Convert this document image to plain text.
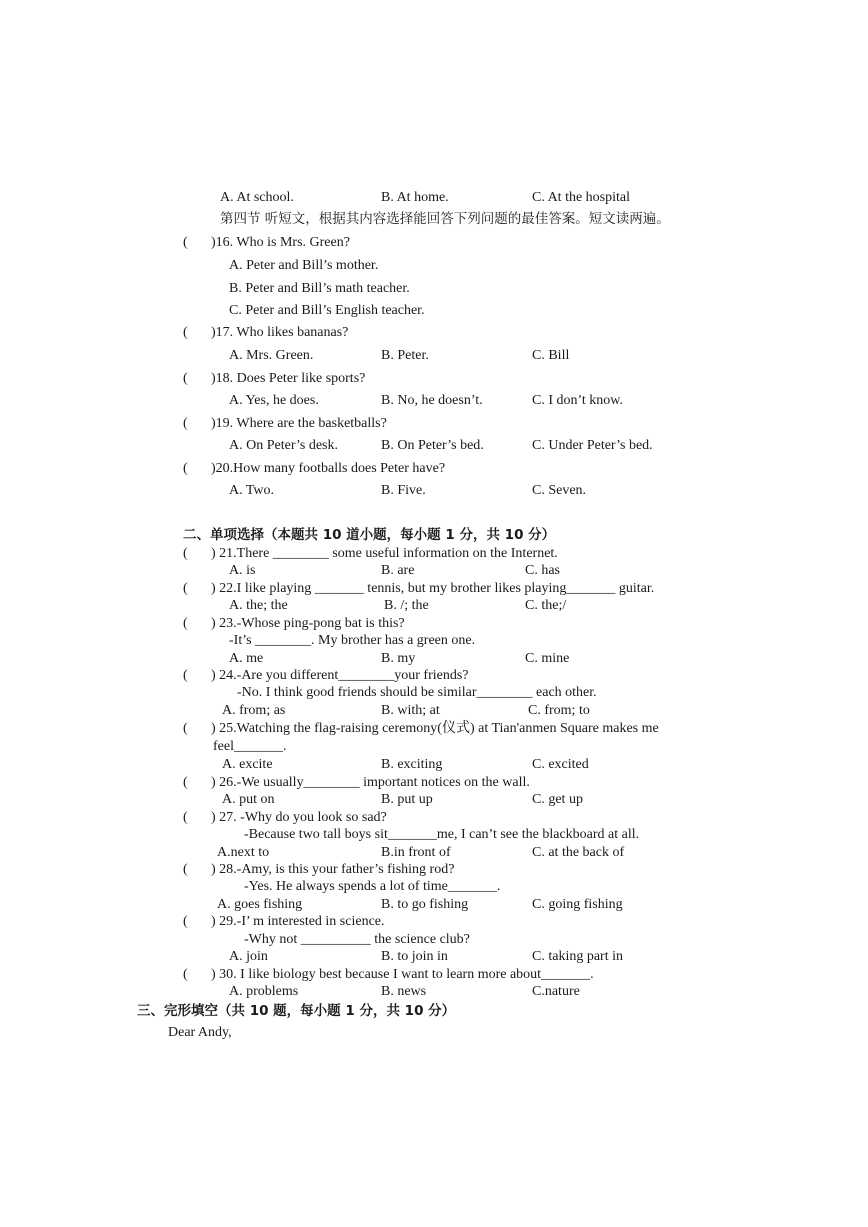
A. At school.	B. At home.	C. At the hospital
第四节 听短文，根据其内容选择能回答下列问题的最佳答案。短文读两遍。
( )16. Who is Mrs. Green?
A. Peter and Bill’s mother.
B. Peter and Bill’s math teacher.
C. Peter and Bill’s English teacher.
( )17. Who likes bananas?
A. Mrs. Green.	B. Peter.	C. Bill
( )18. Does Peter like sports?
A. Yes, he does.	B. No, he doesn’t.	C. I don’t know.
( )19. Where are the basketballs?
A. On Peter’s desk.	B. On Peter’s bed.	C. Under Peter’s bed.
( )20.How many footballs does Peter have?
A. Two.	B. Five.	C. Seven.
二、单项选择（本题共 10 道小题，每小题 1 分，共 10 分）
( ) 21.There ________ some useful information on the Internet.
A. is	B. are	C. has
( ) 22.I like playing _______ tennis, but my brother likes playing_______ guitar.
A. the; the	B. /; the	C. the;/
( ) 23.-Whose ping-pong bat is this?
-It’s ________. My brother has a green one.
A. me	B. my	C. mine
( ) 24.-Are you different________your friends?
-No. I think good friends should be similar________ each other.
A. from; as	B. with; at	C. from; to
( ) 25.Watching the flag-raising ceremony(仪式) at Tian'anmen Square makes me
feel_______.
A. excite	B. exciting	C. excited
( ) 26.-We usually________ important notices on the wall.
A. put on	B. put up	C. get up
( ) 27. -Why do you look so sad?
-Because two tall boys sit_______me, I can’t see the blackboard at all.
A.next to	B.in front of	C. at the back of
( ) 28.-Amy, is this your father’s fishing rod?
-Yes. He always spends a lot of time_______.
A. goes fishing	B. to go fishing	C. going fishing
( ) 29.-I’ m interested in science.
-Why not __________ the science club?
A. join	B. to join in	C. taking part in
( ) 30. I like biology best because I want to learn more about_______.
A. problems	B. news	C.nature
三、完形填空（共 10 题，每小题 1 分，共 10 分）
Dear Andy,
